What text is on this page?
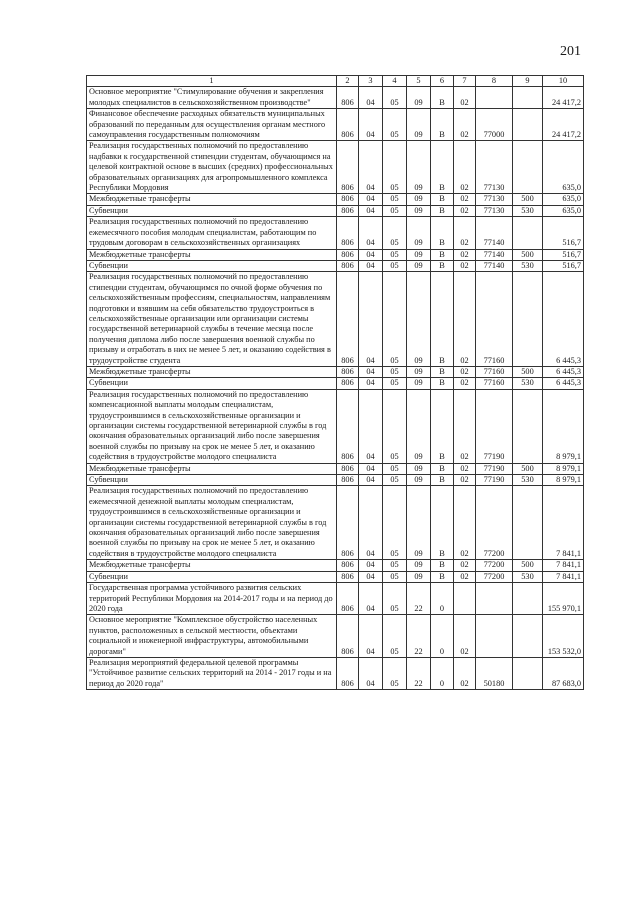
201
1	2	3	4	5	6	7	8	9	10
Основное мероприятие "Стимулирование обучения и закрепления молодых специалистов в сельскохозяйственном производстве"	806	04	05	09	В	02			24 417,2
Финансовое обеспечение расходных обязательств муниципальных образований по переданным для осуществления органам местного самоуправления государственным полномочиям	806	04	05	09	В	02	77000		24 417,2
Реализация государственных полномочий по предоставлению надбавки к государственной стипендии студентам, обучающимся на целевой контрактной основе в высших (средних) профессиональных образовательных организациях для агропромышленного комплекса Республики Мордовия	806	04	05	09	В	02	77130		635,0
Межбюджетные трансферты	806	04	05	09	В	02	77130	500	635,0
Субвенции	806	04	05	09	В	02	77130	530	635,0
Реализация государственных полномочий по предоставлению ежемесячного пособия молодым специалистам, работающим по трудовым договорам в сельскохозяйственных организациях	806	04	05	09	В	02	77140		516,7
Межбюджетные трансферты	806	04	05	09	В	02	77140	500	516,7
Субвенции	806	04	05	09	В	02	77140	530	516,7
Реализация государственных полномочий по предоставлению стипендии студентам, обучающимся по очной форме обучения по сельскохозяйственным профессиям, специальностям, направлениям подготовки и взявшим на себя обязательство трудоустроиться в сельскохозяйственные организации или организации системы государственной ветеринарной службы в течение месяца после получения диплома либо после завершения военной службы по призыву и отработать в них не менее 5 лет, и оказанию содействия в трудоустройстве студента	806	04	05	09	В	02	77160		6 445,3
Межбюджетные трансферты	806	04	05	09	В	02	77160	500	6 445,3
Субвенции	806	04	05	09	В	02	77160	530	6 445,3
Реализация государственных полномочий по предоставлению компенсационной выплаты молодым специалистам, трудоустроившимся в сельскохозяйственные организации и организации системы государственной ветеринарной службы в год окончания образовательных организаций либо после завершения военной службы по призыву на срок не менее 5 лет, и оказанию содействия в трудоустройстве молодого специалиста	806	04	05	09	В	02	77190		8 979,1
Межбюджетные трансферты	806	04	05	09	В	02	77190	500	8 979,1
Субвенции	806	04	05	09	В	02	77190	530	8 979,1
Реализация государственных полномочий по предоставлению ежемесячной денежной выплаты молодым специалистам, трудоустроившимся в сельскохозяйственные организации и организации системы государственной ветеринарной службы в год окончания образовательных организаций либо после завершения военной службы по призыву на срок не менее 5 лет, и оказанию содействия в трудоустройстве молодого специалиста	806	04	05	09	В	02	77200		7 841,1
Межбюджетные трансферты	806	04	05	09	В	02	77200	500	7 841,1
Субвенции	806	04	05	09	В	02	77200	530	7 841,1
Государственная программа устойчивого развития сельских территорий Республики Мордовия на 2014-2017 годы и на период до 2020 года	806	04	05	22	0				155 970,1
Основное мероприятие "Комплексное обустройство населенных пунктов, расположенных в сельской местности, объектами социальной и инженерной инфраструктуры, автомобильными дорогами"	806	04	05	22	0	02			153 532,0
Реализация мероприятий федеральной целевой программы "Устойчивое развитие сельских территорий на 2014 - 2017 годы и на период до 2020 года"	806	04	05	22	0	02	50180		87 683,0
